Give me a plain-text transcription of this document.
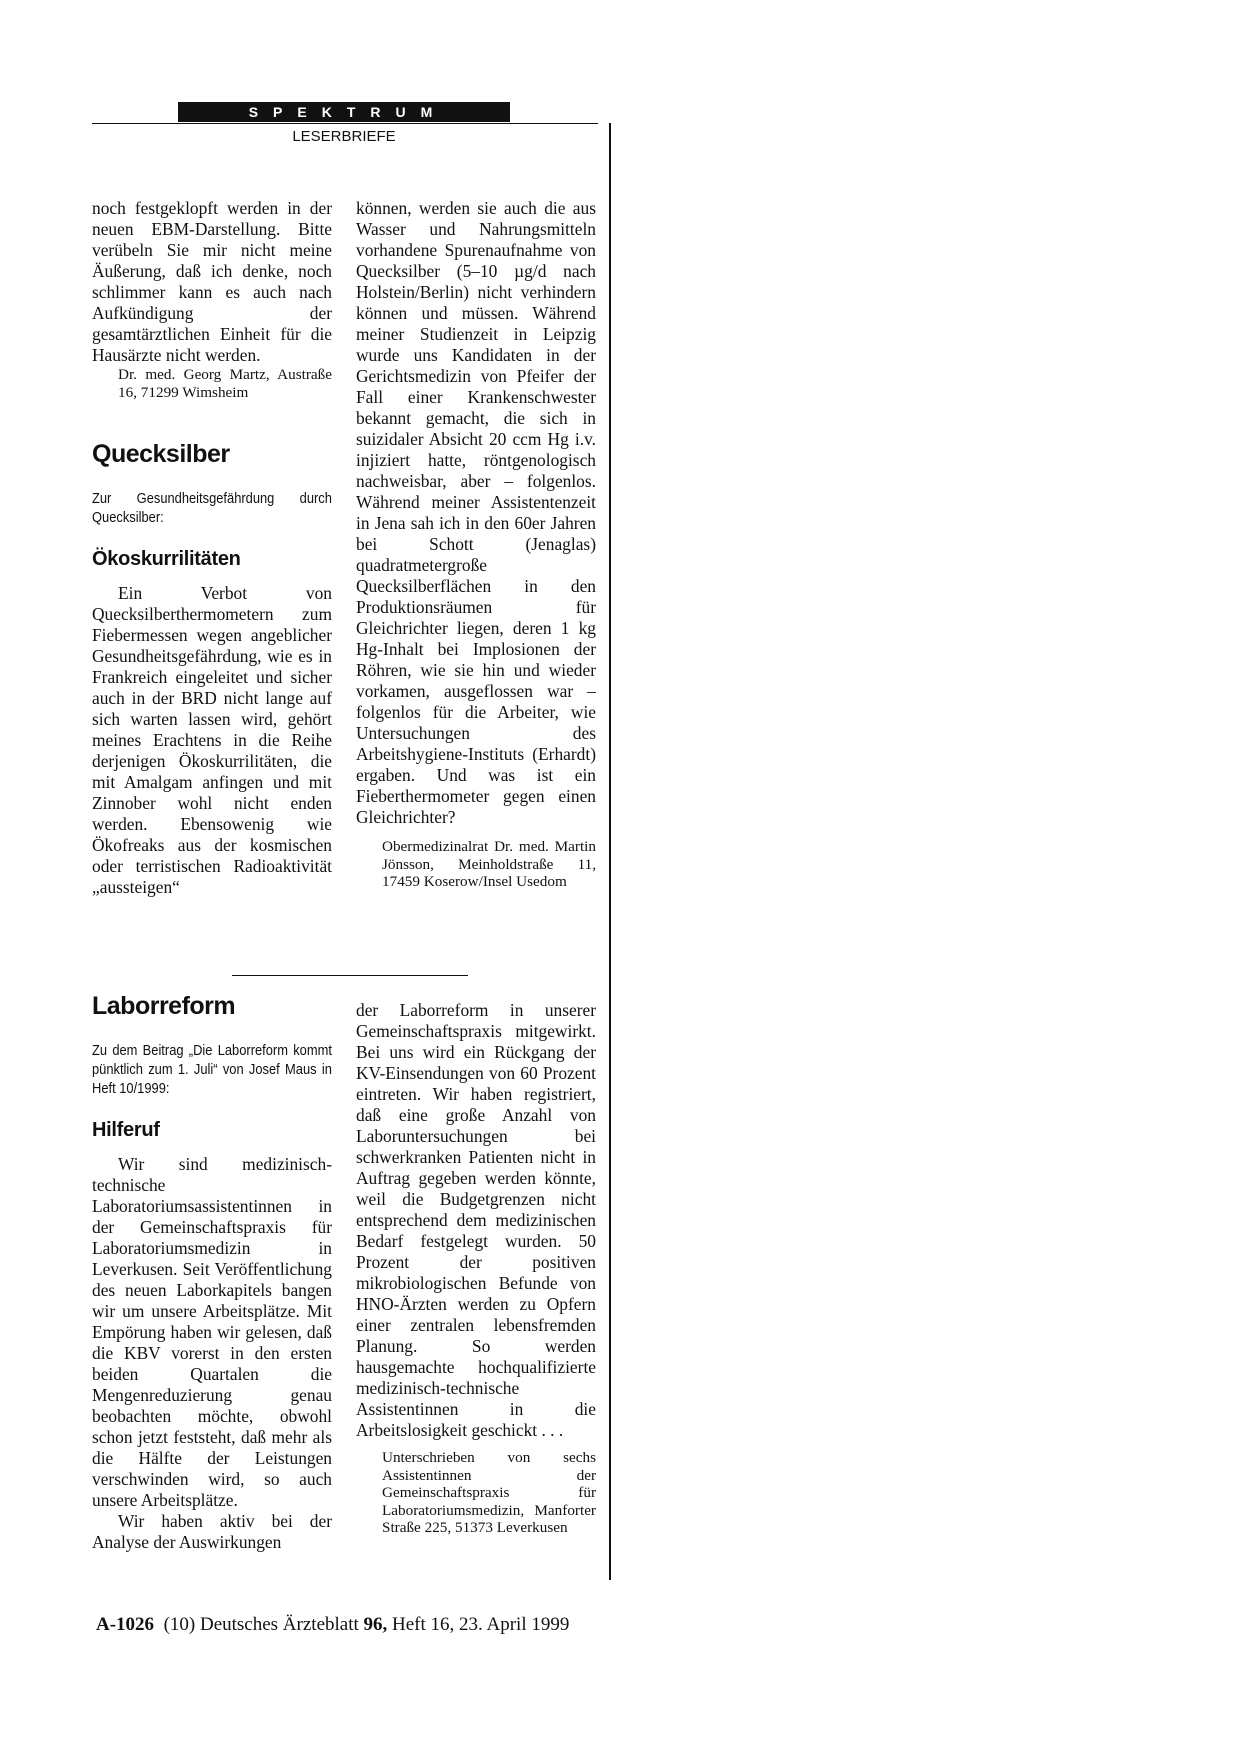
SPEKTRUM
LESERBRIEFE

noch festgeklopft werden in der neuen EBM-Darstellung. Bitte verübeln Sie mir nicht meine Äußerung, daß ich denke, noch schlimmer kann es auch nach Aufkündigung der gesamtärztlichen Einheit für die Hausärzte nicht werden.

Dr. med. Georg Martz, Austraße 16, 71299 Wimsheim

Quecksilber
Zur Gesundheitsgefährdung durch Quecksilber:
Ökoskurrilitäten

Ein Verbot von Quecksilberthermometern zum Fiebermessen wegen angeblicher Gesundheitsgefährdung, wie es in Frankreich eingeleitet und sicher auch in der BRD nicht lange auf sich warten lassen wird, gehört meines Erachtens in die Reihe derjenigen Ökoskurrilitäten, die mit Amalgam anfingen und mit Zinnober wohl nicht enden werden. Ebensowenig wie Ökofreaks aus der kosmischen oder terristischen Radioaktivität „aussteigen“

können, werden sie auch die aus Wasser und Nahrungsmitteln vorhandene Spurenaufnahme von Quecksilber (5–10 µg/d nach Holstein/Berlin) nicht verhindern können und müssen. Während meiner Studienzeit in Leipzig wurde uns Kandidaten in der Gerichtsmedizin von Pfeifer der Fall einer Krankenschwester bekannt gemacht, die sich in suizidaler Absicht 20 ccm Hg i.v. injiziert hatte, röntgenologisch nachweisbar, aber – folgenlos. Während meiner Assistentenzeit in Jena sah ich in den 60er Jahren bei Schott (Jenaglas) quadratmetergroße Quecksilberflächen in den Produktionsräumen für Gleichrichter liegen, deren 1 kg Hg-Inhalt bei Implosionen der Röhren, wie sie hin und wieder vorkamen, ausgeflossen war – folgenlos für die Arbeiter, wie Untersuchungen des Arbeitshygiene-Instituts (Erhardt) ergaben. Und was ist ein Fieberthermometer gegen einen Gleichrichter?

Obermedizinalrat Dr. med. Martin Jönsson, Meinholdstraße 11, 17459 Koserow/Insel Usedom

Laborreform
Zu dem Beitrag „Die Laborreform kommt pünktlich zum 1. Juli“ von Josef Maus in Heft 10/1999:
Hilferuf

Wir sind medizinisch-technische Laboratoriumsassistentinnen in der Gemeinschaftspraxis für Laboratoriumsmedizin in Leverkusen. Seit Veröffentlichung des neuen Laborkapitels bangen wir um unsere Arbeitsplätze. Mit Empörung haben wir gelesen, daß die KBV vorerst in den ersten beiden Quartalen die Mengenreduzierung genau beobachten möchte, obwohl schon jetzt feststeht, daß mehr als die Hälfte der Leistungen verschwinden wird, so auch unsere Arbeitsplätze.

Wir haben aktiv bei der Analyse der Auswirkungen

der Laborreform in unserer Gemeinschaftspraxis mitgewirkt. Bei uns wird ein Rückgang der KV-Einsendungen von 60 Prozent eintreten. Wir haben registriert, daß eine große Anzahl von Laboruntersuchungen bei schwerkranken Patienten nicht in Auftrag gegeben werden könnte, weil die Budgetgrenzen nicht entsprechend dem medizinischen Bedarf festgelegt wurden. 50 Prozent der positiven mikrobiologischen Befunde von HNO-Ärzten werden zu Opfern einer zentralen lebensfremden Planung. So werden hausgemachte hochqualifizierte medizinisch-technische Assistentinnen in die Arbeitslosigkeit geschickt . . .

Unterschrieben von sechs Assistentinnen der Gemeinschaftspraxis für Laboratoriumsmedizin, Manforter Straße 225, 51373 Leverkusen

A-1026 (10) Deutsches Ärzteblatt 96, Heft 16, 23. April 1999
